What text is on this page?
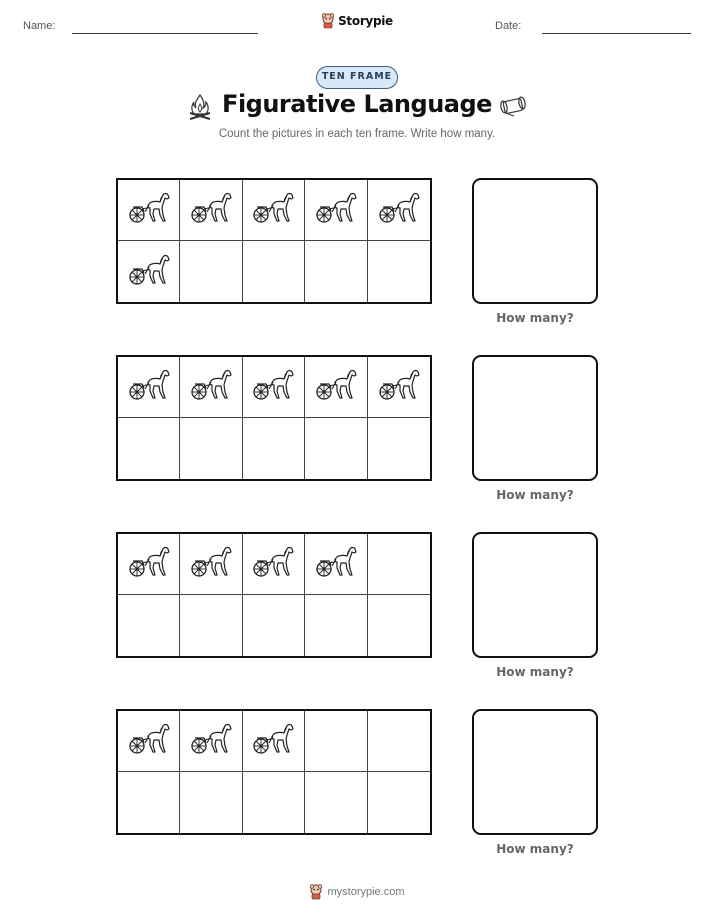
Name:	Storypie	Date:
TEN FRAME
Figurative Language
Count the pictures in each ten frame. Write how many.
How many?
How many?
How many?
How many?
mystorypie.com
